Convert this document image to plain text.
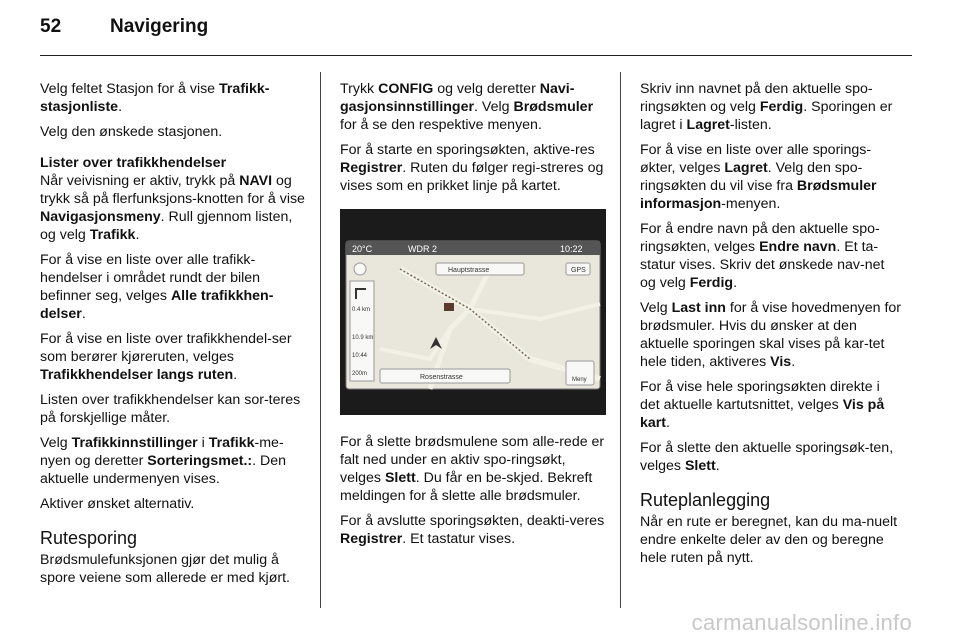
52	Navigering

Velg feltet Stasjon for å vise Trafikk-stasjonliste.

Velg den ønskede stasjonen.

Lister over trafikkhendelser

Når veivisning er aktiv, trykk på NAVI og trykk så på flerfunksjons-knotten for å vise Navigasjonsmeny. Rull gjennom listen, og velg Trafikk.

For å vise en liste over alle trafikk-hendelser i området rundt der bilen befinner seg, velges Alle trafikkhen-delser.

For å vise en liste over trafikkhendel-ser som berører kjøreruten, velges Trafikkhendelser langs ruten.

Listen over trafikkhendelser kan sor-teres på forskjellige måter.

Velg Trafikkinnstillinger i Trafikk-me-nyen og deretter Sorteringsmet.:. Den aktuelle undermenyen vises.

Aktiver ønsket alternativ.

Rutesporing

Brødsmulefunksjonen gjør det mulig å spore veiene som allerede er med kjørt.

Trykk CONFIG og velg deretter Navi-gasjonsinnstillinger. Velg Brødsmuler for å se den respektive menyen.

For å starte en sporingsøkten, aktive-res Registrer. Ruten du følger regi-streres og vises som en prikket linje på kartet.

20°C	WDR 2	10:22
Hauptstrasse	GPS
0.4 km
10.9 km
10:44
200m	Rosenstrasse	Meny

For å slette brødsmulene som alle-rede er falt ned under en aktiv spo-ringsøkt, velges Slett. Du får en be-skjed. Bekreft meldingen for å slette alle brødsmuler.

For å avslutte sporingsøkten, deakti-veres Registrer. Et tastatur vises.

Skriv inn navnet på den aktuelle spo-ringsøkten og velg Ferdig. Sporingen er lagret i Lagret-listen.

For å vise en liste over alle sporings-økter, velges Lagret. Velg den spo-ringsøkten du vil vise fra Brødsmuler informasjon-menyen.

For å endre navn på den aktuelle spo-ringsøkten, velges Endre navn. Et ta-statur vises. Skriv det ønskede nav-net og velg Ferdig.

Velg Last inn for å vise hovedmenyen for brødsmuler. Hvis du ønsker at den aktuelle sporingen skal vises på kar-tet hele tiden, aktiveres Vis.

For å vise hele sporingsøkten direkte i det aktuelle kartutsnittet, velges Vis på kart.

For å slette den aktuelle sporingsøk-ten, velges Slett.

Ruteplanlegging

Når en rute er beregnet, kan du ma-nuelt endre enkelte deler av den og beregne hele ruten på nytt.

carmanualsonline.info
